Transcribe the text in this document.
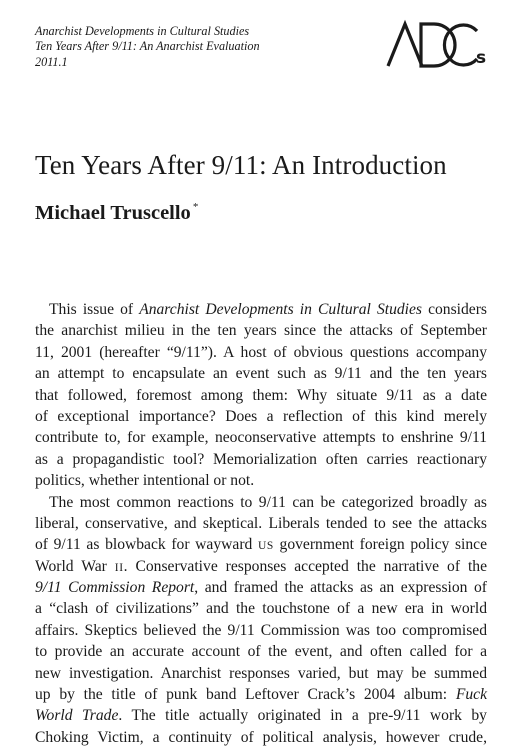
Anarchist Developments in Cultural Studies
Ten Years After 9/11: An Anarchist Evaluation
2011.1	s
Ten Years After 9/11: An Introduction
Michael Truscello *
This issue of Anarchist Developments in Cultural Studies considers
the anarchist milieu in the ten years since the attacks of September
11, 2001 (hereafter “9/11”). A host of obvious questions accompany
an attempt to encapsulate an event such as 9/11 and the ten years
that followed, foremost among them: Why situate 9/11 as a date
of exceptional importance? Does a reflection of this kind merely
contribute to, for example, neoconservative attempts to enshrine 9/11
as a propagandistic tool? Memorialization often carries reactionary
politics, whether intentional or not.
The most common reactions to 9/11 can be categorized broadly as
liberal, conservative, and skeptical. Liberals tended to see the attacks
of 9/11 as blowback for wayward US government foreign policy since
World War II. Conservative responses accepted the narrative of the
9/11 Commission Report, and framed the attacks as an expression of
a “clash of civilizations” and the touchstone of a new era in world
affairs. Skeptics believed the 9/11 Commission was too compromised
to provide an accurate account of the event, and often called for a
new investigation. Anarchist responses varied, but may be summed
up by the title of punk band Leftover Crack’s 2004 album: Fuck
World Trade. The title actually originated in a pre-9/11 work by
Choking Victim, a continuity of political analysis, however crude,
